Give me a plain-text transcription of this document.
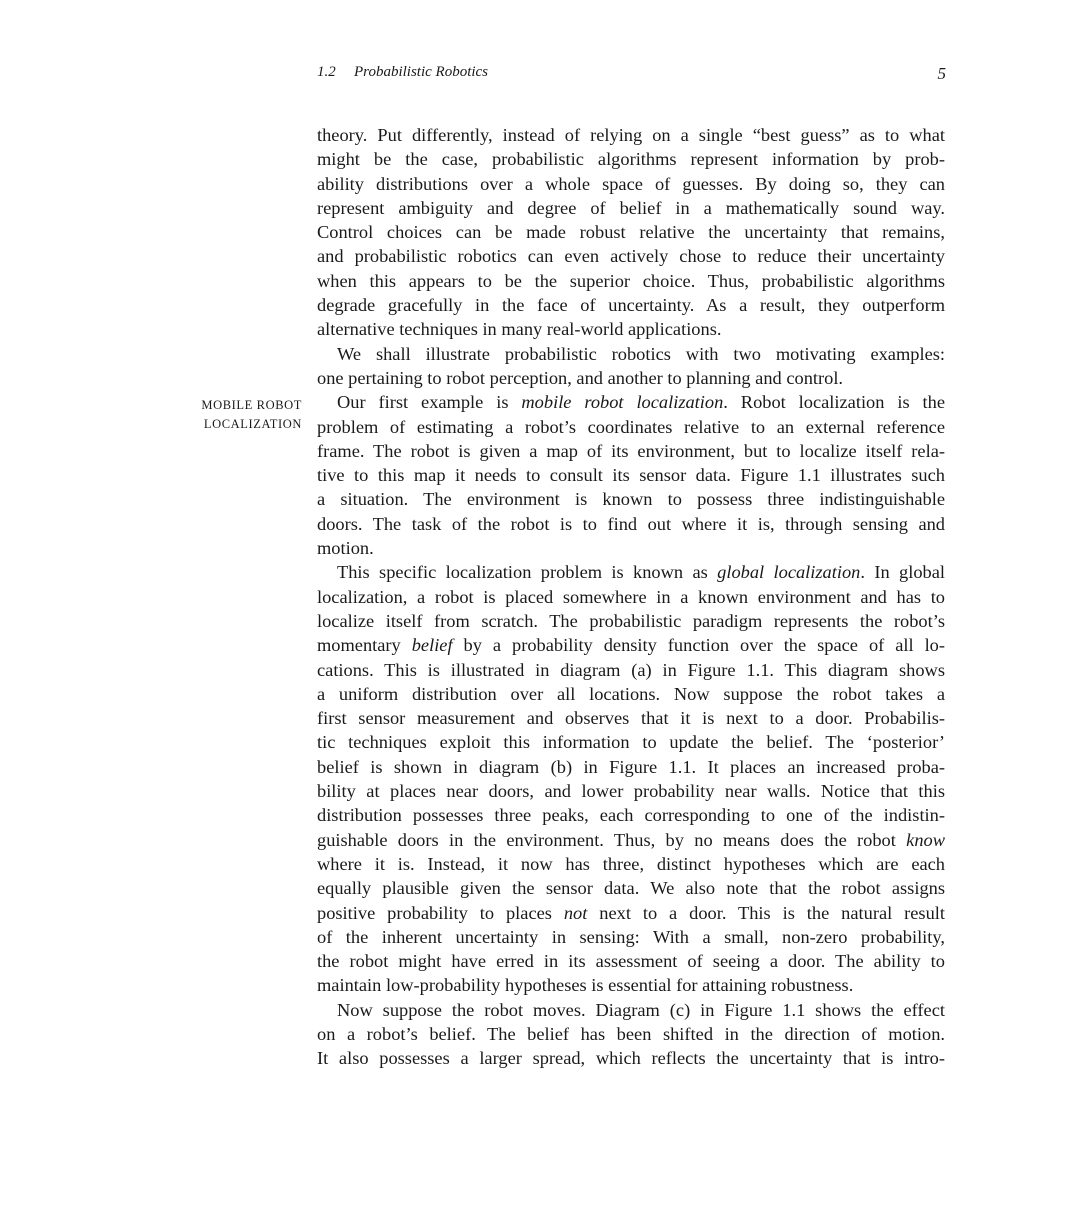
1.2 Probabilistic Robotics	5
MOBILE ROBOT
LOCALIZATION
theory. Put differently, instead of relying on a single “best guess” as to what
might be the case, probabilistic algorithms represent information by prob-
ability distributions over a whole space of guesses. By doing so, they can
represent ambiguity and degree of belief in a mathematically sound way.
Control choices can be made robust relative the uncertainty that remains,
and probabilistic robotics can even actively chose to reduce their uncertainty
when this appears to be the superior choice. Thus, probabilistic algorithms
degrade gracefully in the face of uncertainty. As a result, they outperform
alternative techniques in many real-world applications.
We shall illustrate probabilistic robotics with two motivating examples:
one pertaining to robot perception, and another to planning and control.
Our first example is mobile robot localization. Robot localization is the
problem of estimating a robot’s coordinates relative to an external reference
frame. The robot is given a map of its environment, but to localize itself rela-
tive to this map it needs to consult its sensor data. Figure 1.1 illustrates such
a situation. The environment is known to possess three indistinguishable
doors. The task of the robot is to find out where it is, through sensing and
motion.
This specific localization problem is known as global localization. In global
localization, a robot is placed somewhere in a known environment and has to
localize itself from scratch. The probabilistic paradigm represents the robot’s
momentary belief by a probability density function over the space of all lo-
cations. This is illustrated in diagram (a) in Figure 1.1. This diagram shows
a uniform distribution over all locations. Now suppose the robot takes a
first sensor measurement and observes that it is next to a door. Probabilis-
tic techniques exploit this information to update the belief. The ‘posterior’
belief is shown in diagram (b) in Figure 1.1. It places an increased proba-
bility at places near doors, and lower probability near walls. Notice that this
distribution possesses three peaks, each corresponding to one of the indistin-
guishable doors in the environment. Thus, by no means does the robot know
where it is. Instead, it now has three, distinct hypotheses which are each
equally plausible given the sensor data. We also note that the robot assigns
positive probability to places not next to a door. This is the natural result
of the inherent uncertainty in sensing: With a small, non-zero probability,
the robot might have erred in its assessment of seeing a door. The ability to
maintain low-probability hypotheses is essential for attaining robustness.
Now suppose the robot moves. Diagram (c) in Figure 1.1 shows the effect
on a robot’s belief. The belief has been shifted in the direction of motion.
It also possesses a larger spread, which reflects the uncertainty that is intro-
